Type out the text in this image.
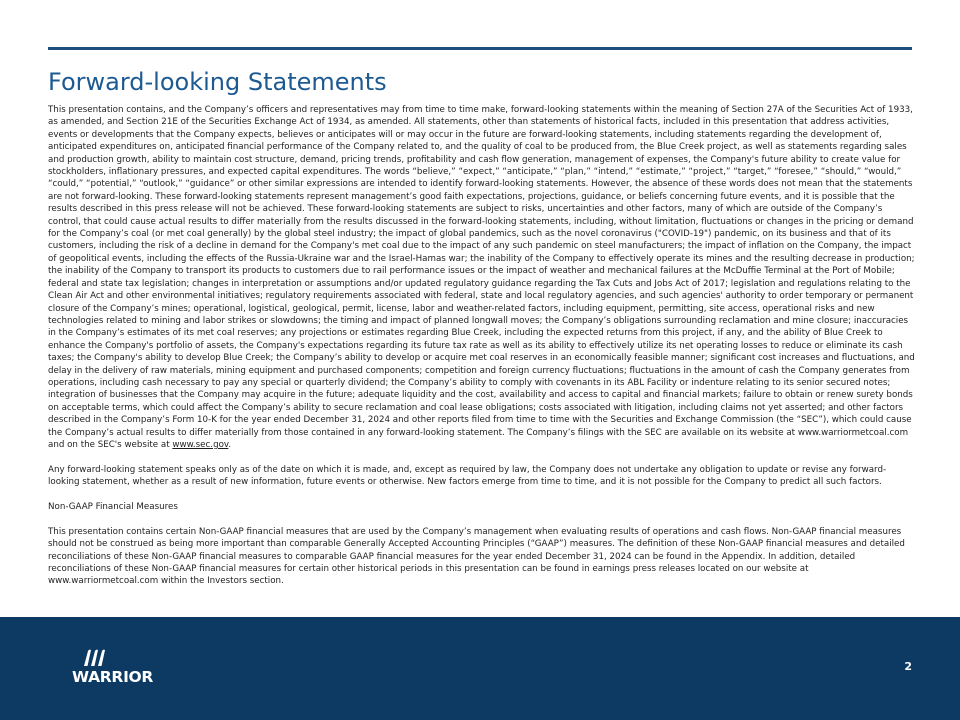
Forward-looking Statements

This presentation contains, and the Company’s officers and representatives may from time to time make, forward-looking statements within the meaning of Section 27A of the Securities Act of 1933, as amended, and Section 21E of the Securities Exchange Act of 1934, as amended. All statements, other than statements of historical facts, included in this presentation that address activities, events or developments that the Company expects, believes or anticipates will or may occur in the future are forward-looking statements, including statements regarding the development of, anticipated expenditures on, anticipated financial performance of the Company related to, and the quality of coal to be produced from, the Blue Creek project, as well as statements regarding sales and production growth, ability to maintain cost structure, demand, pricing trends, profitability and cash flow generation, management of expenses, the Company's future ability to create value for stockholders, inflationary pressures, and expected capital expenditures. The words “believe,” “expect,” “anticipate,” “plan,” “intend,” “estimate,” “project,” “target,” “foresee,” “should,” “would,” “could,” “potential,” “outlook,” “guidance” or other similar expressions are intended to identify forward-looking statements. However, the absence of these words does not mean that the statements are not forward-looking. These forward-looking statements represent management’s good faith expectations, projections, guidance, or beliefs concerning future events, and it is possible that the results described in this press release will not be achieved. These forward-looking statements are subject to risks, uncertainties and other factors, many of which are outside of the Company’s control, that could cause actual results to differ materially from the results discussed in the forward-looking statements, including, without limitation, fluctuations or changes in the pricing or demand for the Company’s coal (or met coal generally) by the global steel industry; the impact of global pandemics, such as the novel coronavirus ("COVID-19") pandemic, on its business and that of its customers, including the risk of a decline in demand for the Company's met coal due to the impact of any such pandemic on steel manufacturers; the impact of inflation on the Company, the impact of geopolitical events, including the effects of the Russia-Ukraine war and the Israel-Hamas war; the inability of the Company to effectively operate its mines and the resulting decrease in production; the inability of the Company to transport its products to customers due to rail performance issues or the impact of weather and mechanical failures at the McDuffie Terminal at the Port of Mobile; federal and state tax legislation; changes in interpretation or assumptions and/or updated regulatory guidance regarding the Tax Cuts and Jobs Act of 2017; legislation and regulations relating to the Clean Air Act and other environmental initiatives; regulatory requirements associated with federal, state and local regulatory agencies, and such agencies' authority to order temporary or permanent closure of the Company’s mines; operational, logistical, geological, permit, license, labor and weather-related factors, including equipment, permitting, site access, operational risks and new technologies related to mining and labor strikes or slowdowns; the timing and impact of planned longwall moves; the Company’s obligations surrounding reclamation and mine closure; inaccuracies in the Company’s estimates of its met coal reserves; any projections or estimates regarding Blue Creek, including the expected returns from this project, if any, and the ability of Blue Creek to enhance the Company's portfolio of assets, the Company's expectations regarding its future tax rate as well as its ability to effectively utilize its net operating losses to reduce or eliminate its cash taxes; the Company's ability to develop Blue Creek; the Company’s ability to develop or acquire met coal reserves in an economically feasible manner; significant cost increases and fluctuations, and delay in the delivery of raw materials, mining equipment and purchased components; competition and foreign currency fluctuations; fluctuations in the amount of cash the Company generates from operations, including cash necessary to pay any special or quarterly dividend; the Company’s ability to comply with covenants in its ABL Facility or indenture relating to its senior secured notes; integration of businesses that the Company may acquire in the future; adequate liquidity and the cost, availability and access to capital and financial markets; failure to obtain or renew surety bonds on acceptable terms, which could affect the Company’s ability to secure reclamation and coal lease obligations; costs associated with litigation, including claims not yet asserted; and other factors described in the Company’s Form 10-K for the year ended December 31, 2024 and other reports filed from time to time with the Securities and Exchange Commission (the “SEC”), which could cause the Company’s actual results to differ materially from those contained in any forward-looking statement. The Company’s filings with the SEC are available on its website at www.warriormetcoal.com and on the SEC's website at www.sec.gov.

Any forward-looking statement speaks only as of the date on which it is made, and, except as required by law, the Company does not undertake any obligation to update or revise any forward-looking statement, whether as a result of new information, future events or otherwise. New factors emerge from time to time, and it is not possible for the Company to predict all such factors.

Non-GAAP Financial Measures

This presentation contains certain Non-GAAP financial measures that are used by the Company’s management when evaluating results of operations and cash flows. Non-GAAP financial measures should not be construed as being more important than comparable Generally Accepted Accounting Principles (“GAAP”) measures. The definition of these Non-GAAP financial measures and detailed reconciliations of these Non-GAAP financial measures to comparable GAAP financial measures for the year ended December 31, 2024 can be found in the Appendix. In addition, detailed reconciliations of these Non-GAAP financial measures for certain other historical periods in this presentation can be found in earnings press releases located on our website at www.warriormetcoal.com within the Investors section.

WARRIOR
2
